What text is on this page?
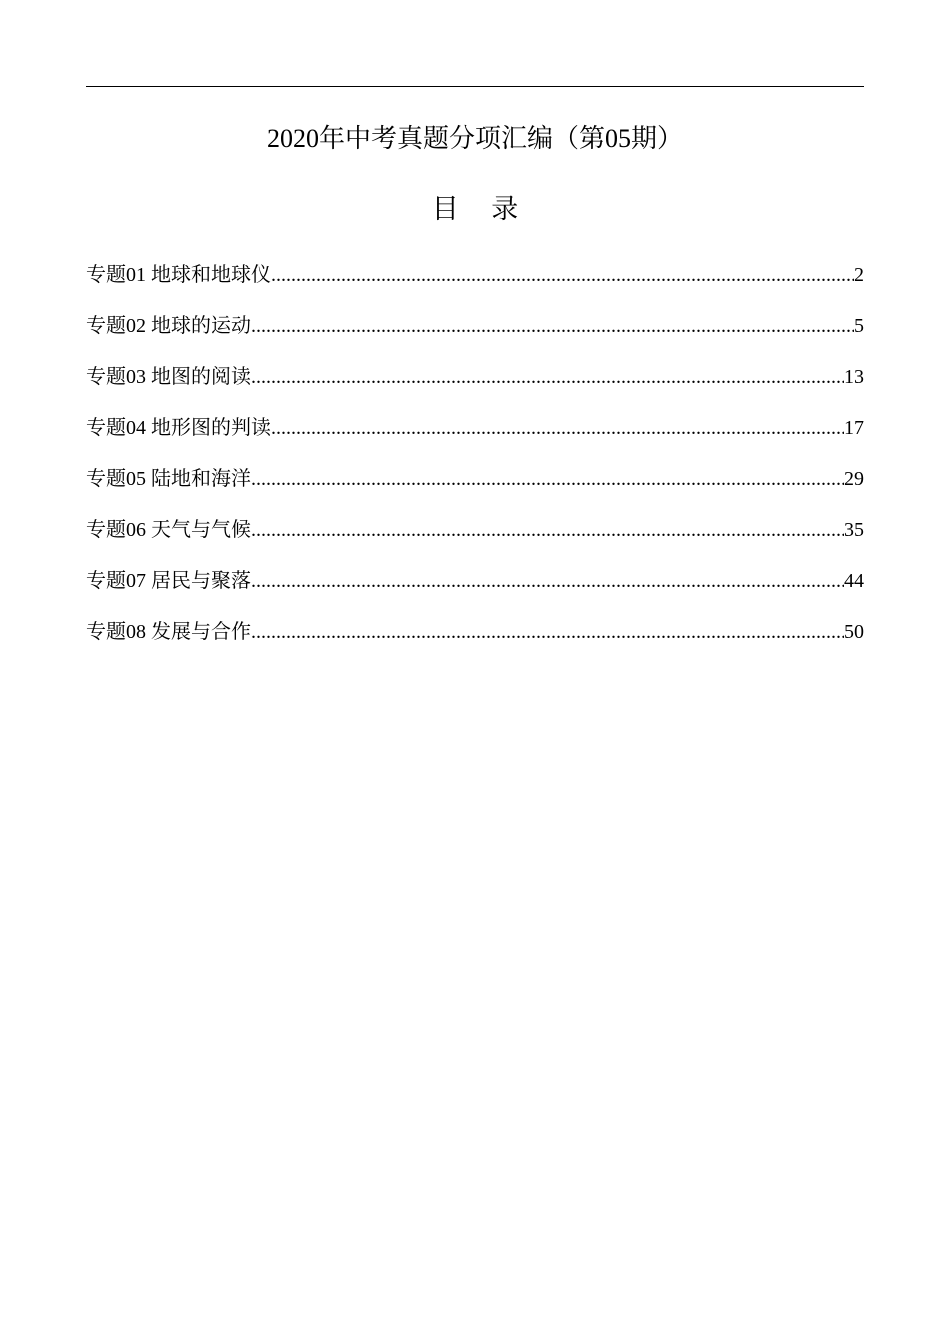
2020年中考真题分项汇编（第05期）
目 录
专题01 地球和地球仪 .....	2
专题02 地球的运动 .....	5
专题03 地图的阅读 .....	13
专题04 地形图的判读 .....	17
专题05 陆地和海洋 .....	29
专题06 天气与气候 .....	35
专题07 居民与聚落 .....	44
专题08 发展与合作 .....	50
